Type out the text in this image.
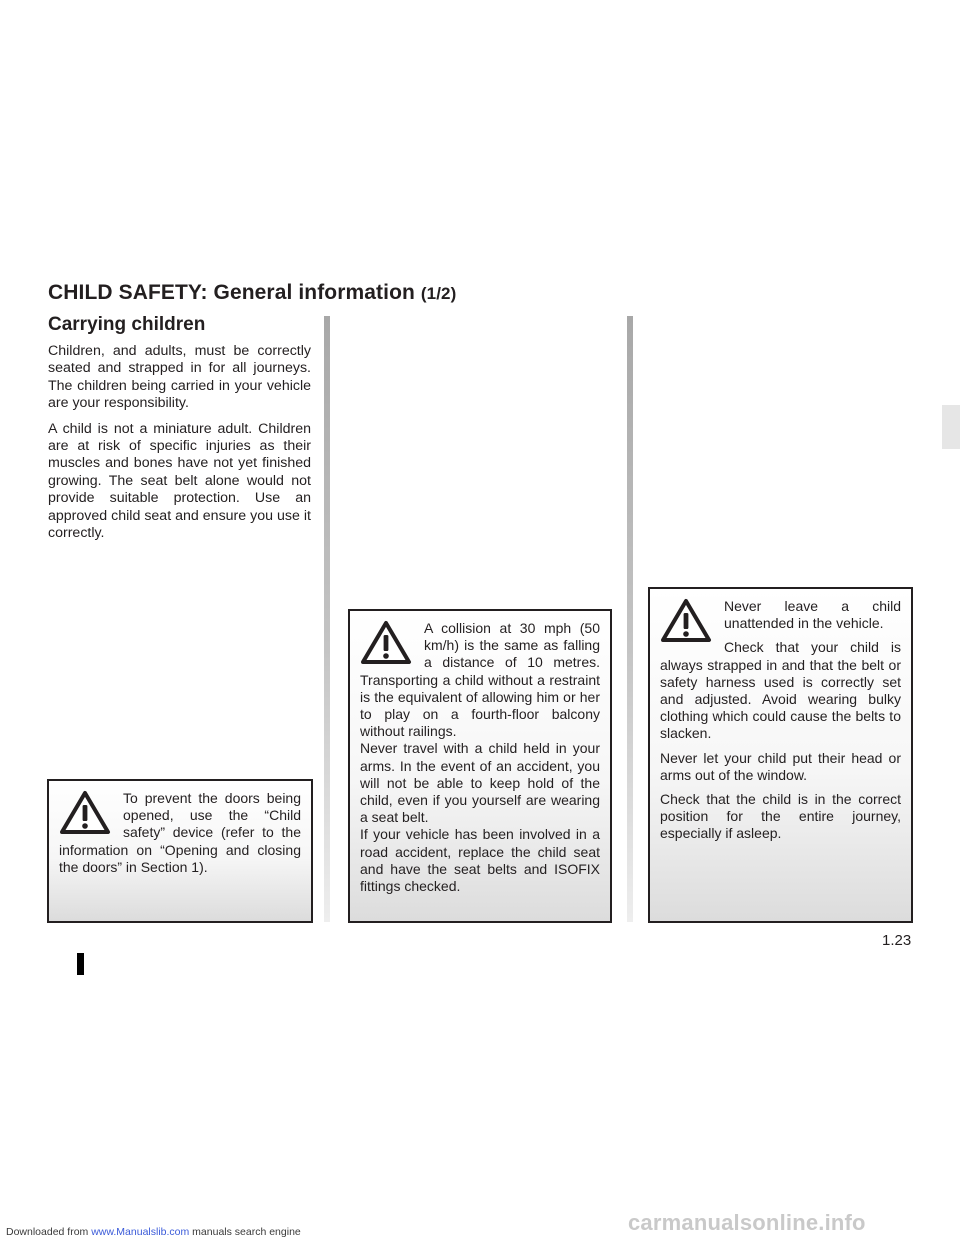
CHILD SAFETY: General information (1/2)
Carrying children

Children, and adults, must be correctly seated and strapped in for all journeys. The children being carried in your vehicle are your responsibility.

A child is not a miniature adult. Children are at risk of specific injuries as their muscles and bones have not yet finished growing. The seat belt alone would not provide suitable protection. Use an approved child seat and ensure you use it correctly.

To prevent the doors being opened, use the “Child safety” device (refer to the information on “Opening and closing the doors” in Section 1).

A collision at 30 mph (50 km/h) is the same as falling a distance of 10 metres. Transporting a child without a restraint is the equivalent of allowing him or her to play on a fourth-floor balcony without railings.

Never travel with a child held in your arms. In the event of an accident, you will not be able to keep hold of the child, even if you yourself are wearing a seat belt.

If your vehicle has been involved in a road accident, replace the child seat and have the seat belts and ISOFIX fittings checked.

Never leave a child unattended in the vehicle.

Check that your child is always strapped in and that the belt or safety harness used is correctly set and adjusted. Avoid wearing bulky clothing which could cause the belts to slacken.

Never let your child put their head or arms out of the window.

Check that the child is in the correct position for the entire journey, especially if asleep.

1.23
Downloaded from www.Manualslib.com manuals search engine	carmanualsonline.info
